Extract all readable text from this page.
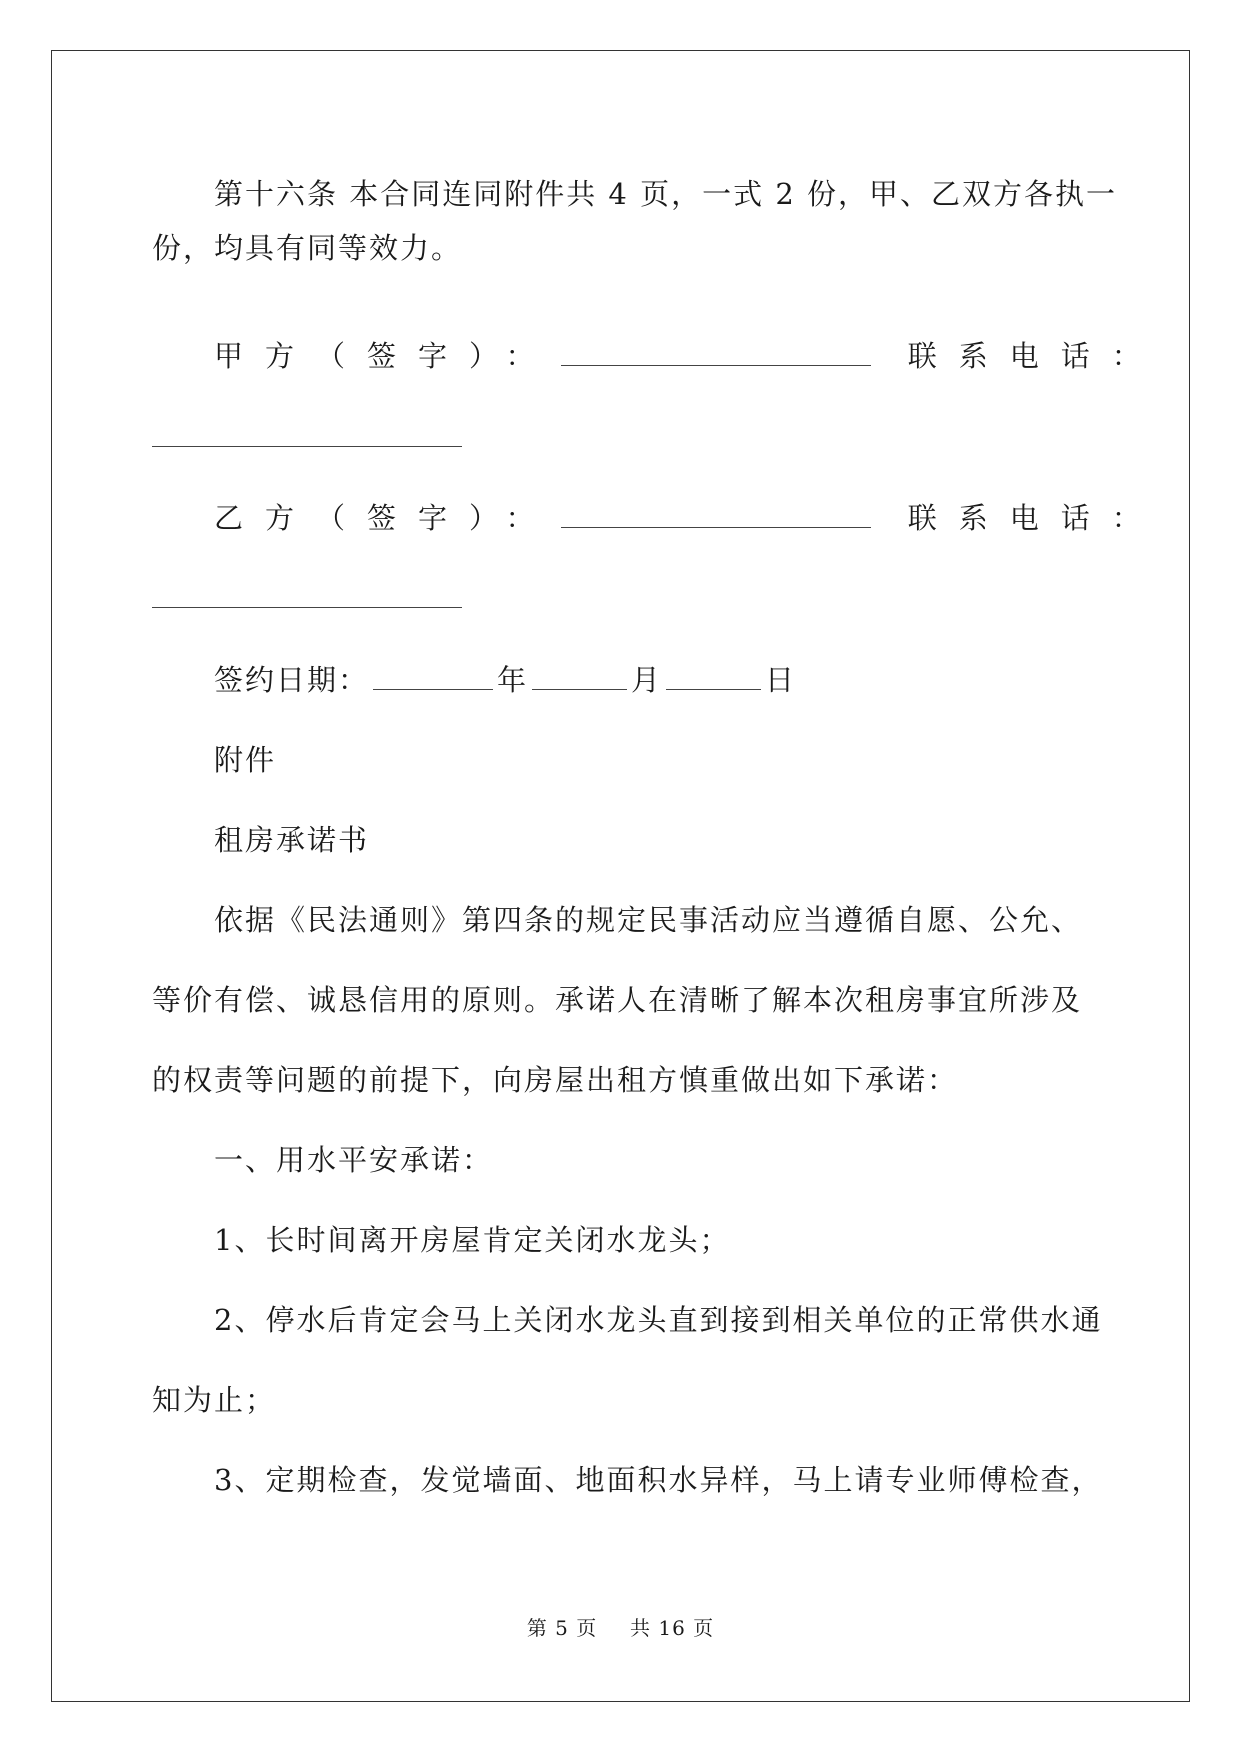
第十六条 本合同连同附件共 4 页，一式 2 份，甲、乙双方各执一
份，均具有同等效力。
甲方（签字）：	联系电话：
乙方（签字）：	联系电话：
签约日期：	年	月	日
附件
租房承诺书
依据《民法通则》第四条的规定民事活动应当遵循自愿、公允、
等价有偿、诚恳信用的原则。承诺人在清晰了解本次租房事宜所涉及
的权责等问题的前提下，向房屋出租方慎重做出如下承诺：
一、用水平安承诺：
1、长时间离开房屋肯定关闭水龙头；
2、停水后肯定会马上关闭水龙头直到接到相关单位的正常供水通
知为止；
3、定期检查，发觉墙面、地面积水异样，马上请专业师傅检查，
第 5 页 共 16 页
